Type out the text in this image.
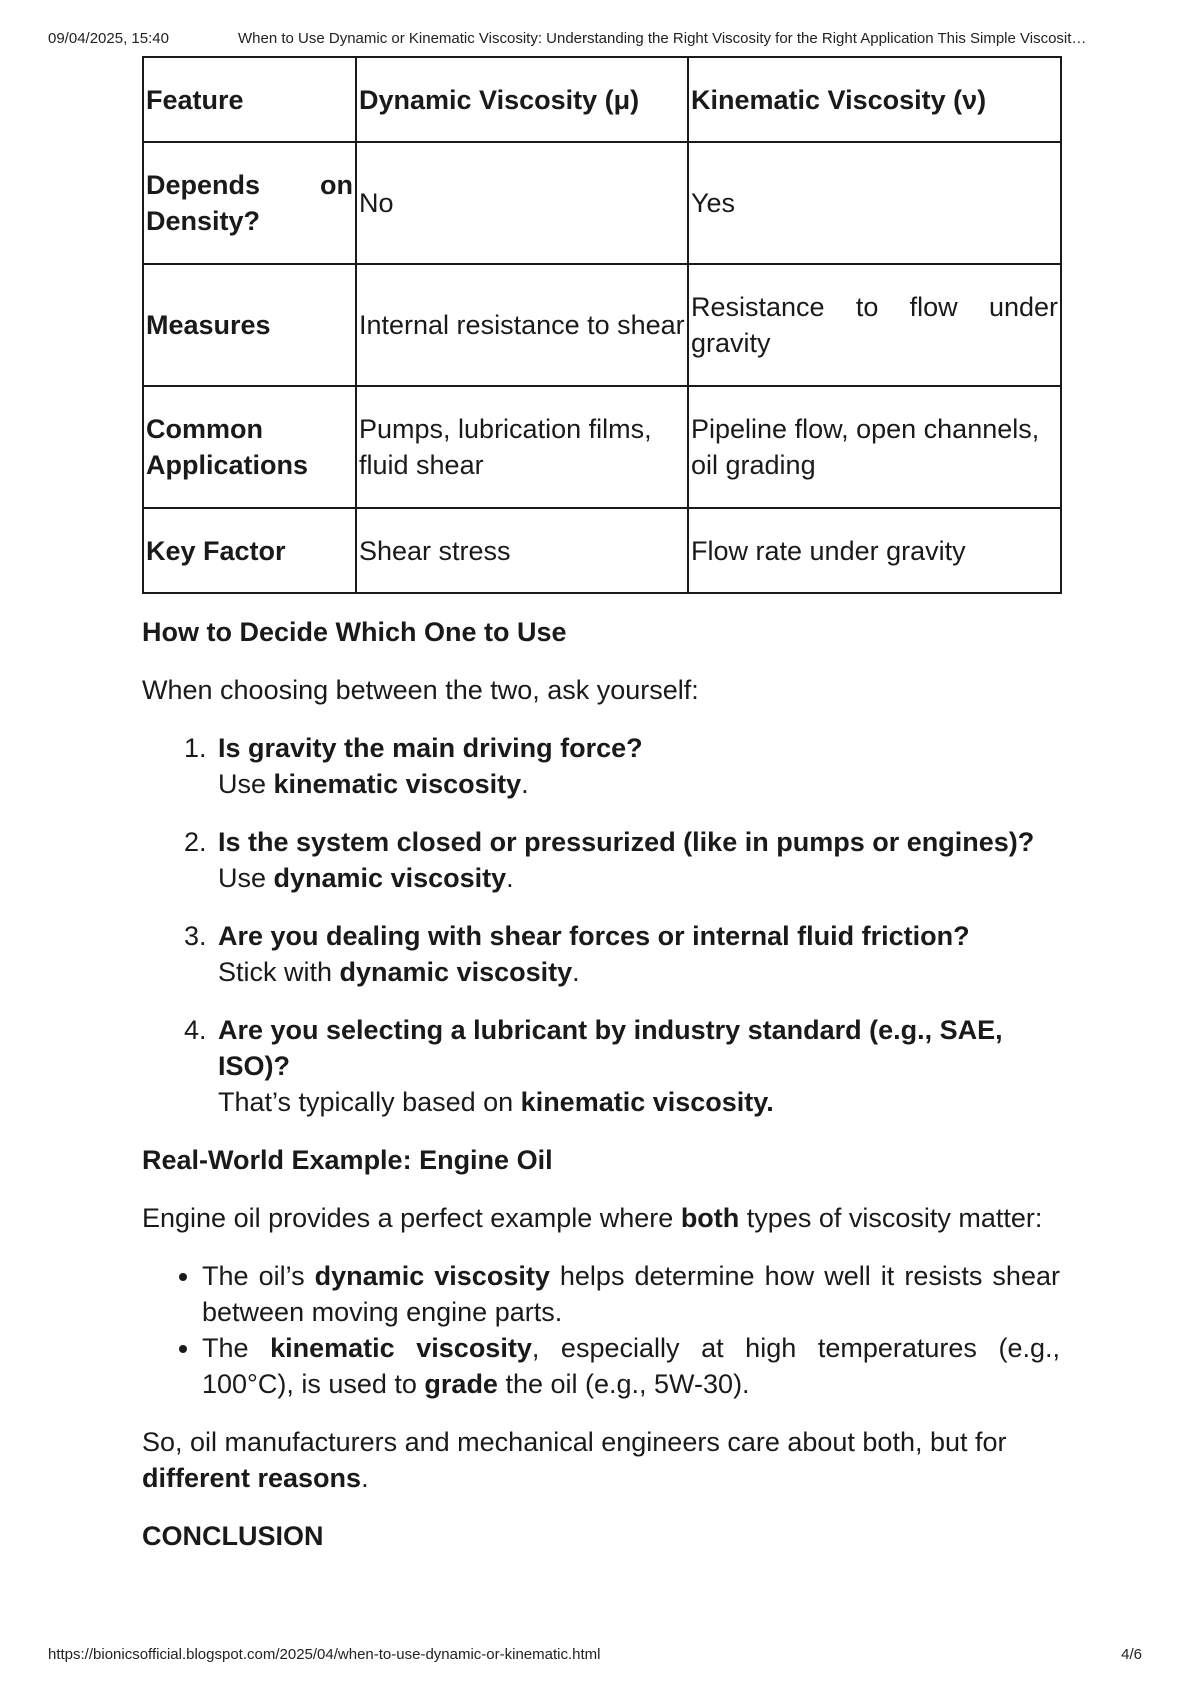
09/04/2025, 15:40	When to Use Dynamic or Kinematic Viscosity: Understanding the Right Viscosity for the Right Application This Simple Viscosit…
Feature	Dynamic Viscosity (μ)	Kinematic Viscosity (ν)
Depends on Density?	No	Yes
Measures	Internal resistance to shear	Resistance to flow under gravity
Common Applications	Pumps, lubrication films, fluid shear	Pipeline flow, open channels, oil grading
Key Factor	Shear stress	Flow rate under gravity
How to Decide Which One to Use

When choosing between the two, ask yourself:

1. Is gravity the main driving force?
Use kinematic viscosity.
2. Is the system closed or pressurized (like in pumps or engines)?
Use dynamic viscosity.
3. Are you dealing with shear forces or internal fluid friction?
Stick with dynamic viscosity.
4. Are you selecting a lubricant by industry standard (e.g., SAE, ISO)?
That’s typically based on kinematic viscosity.
Real-World Example: Engine Oil

Engine oil provides a perfect example where both types of viscosity matter:

• The oil’s dynamic viscosity helps determine how well it resists shear between moving engine parts.
• The kinematic viscosity, especially at high temperatures (e.g., 100°C), is used to grade the oil (e.g., 5W-30).

So, oil manufacturers and mechanical engineers care about both, but for different reasons.

CONCLUSION
https://bionicsofficial.blogspot.com/2025/04/when-to-use-dynamic-or-kinematic.html	4/6
